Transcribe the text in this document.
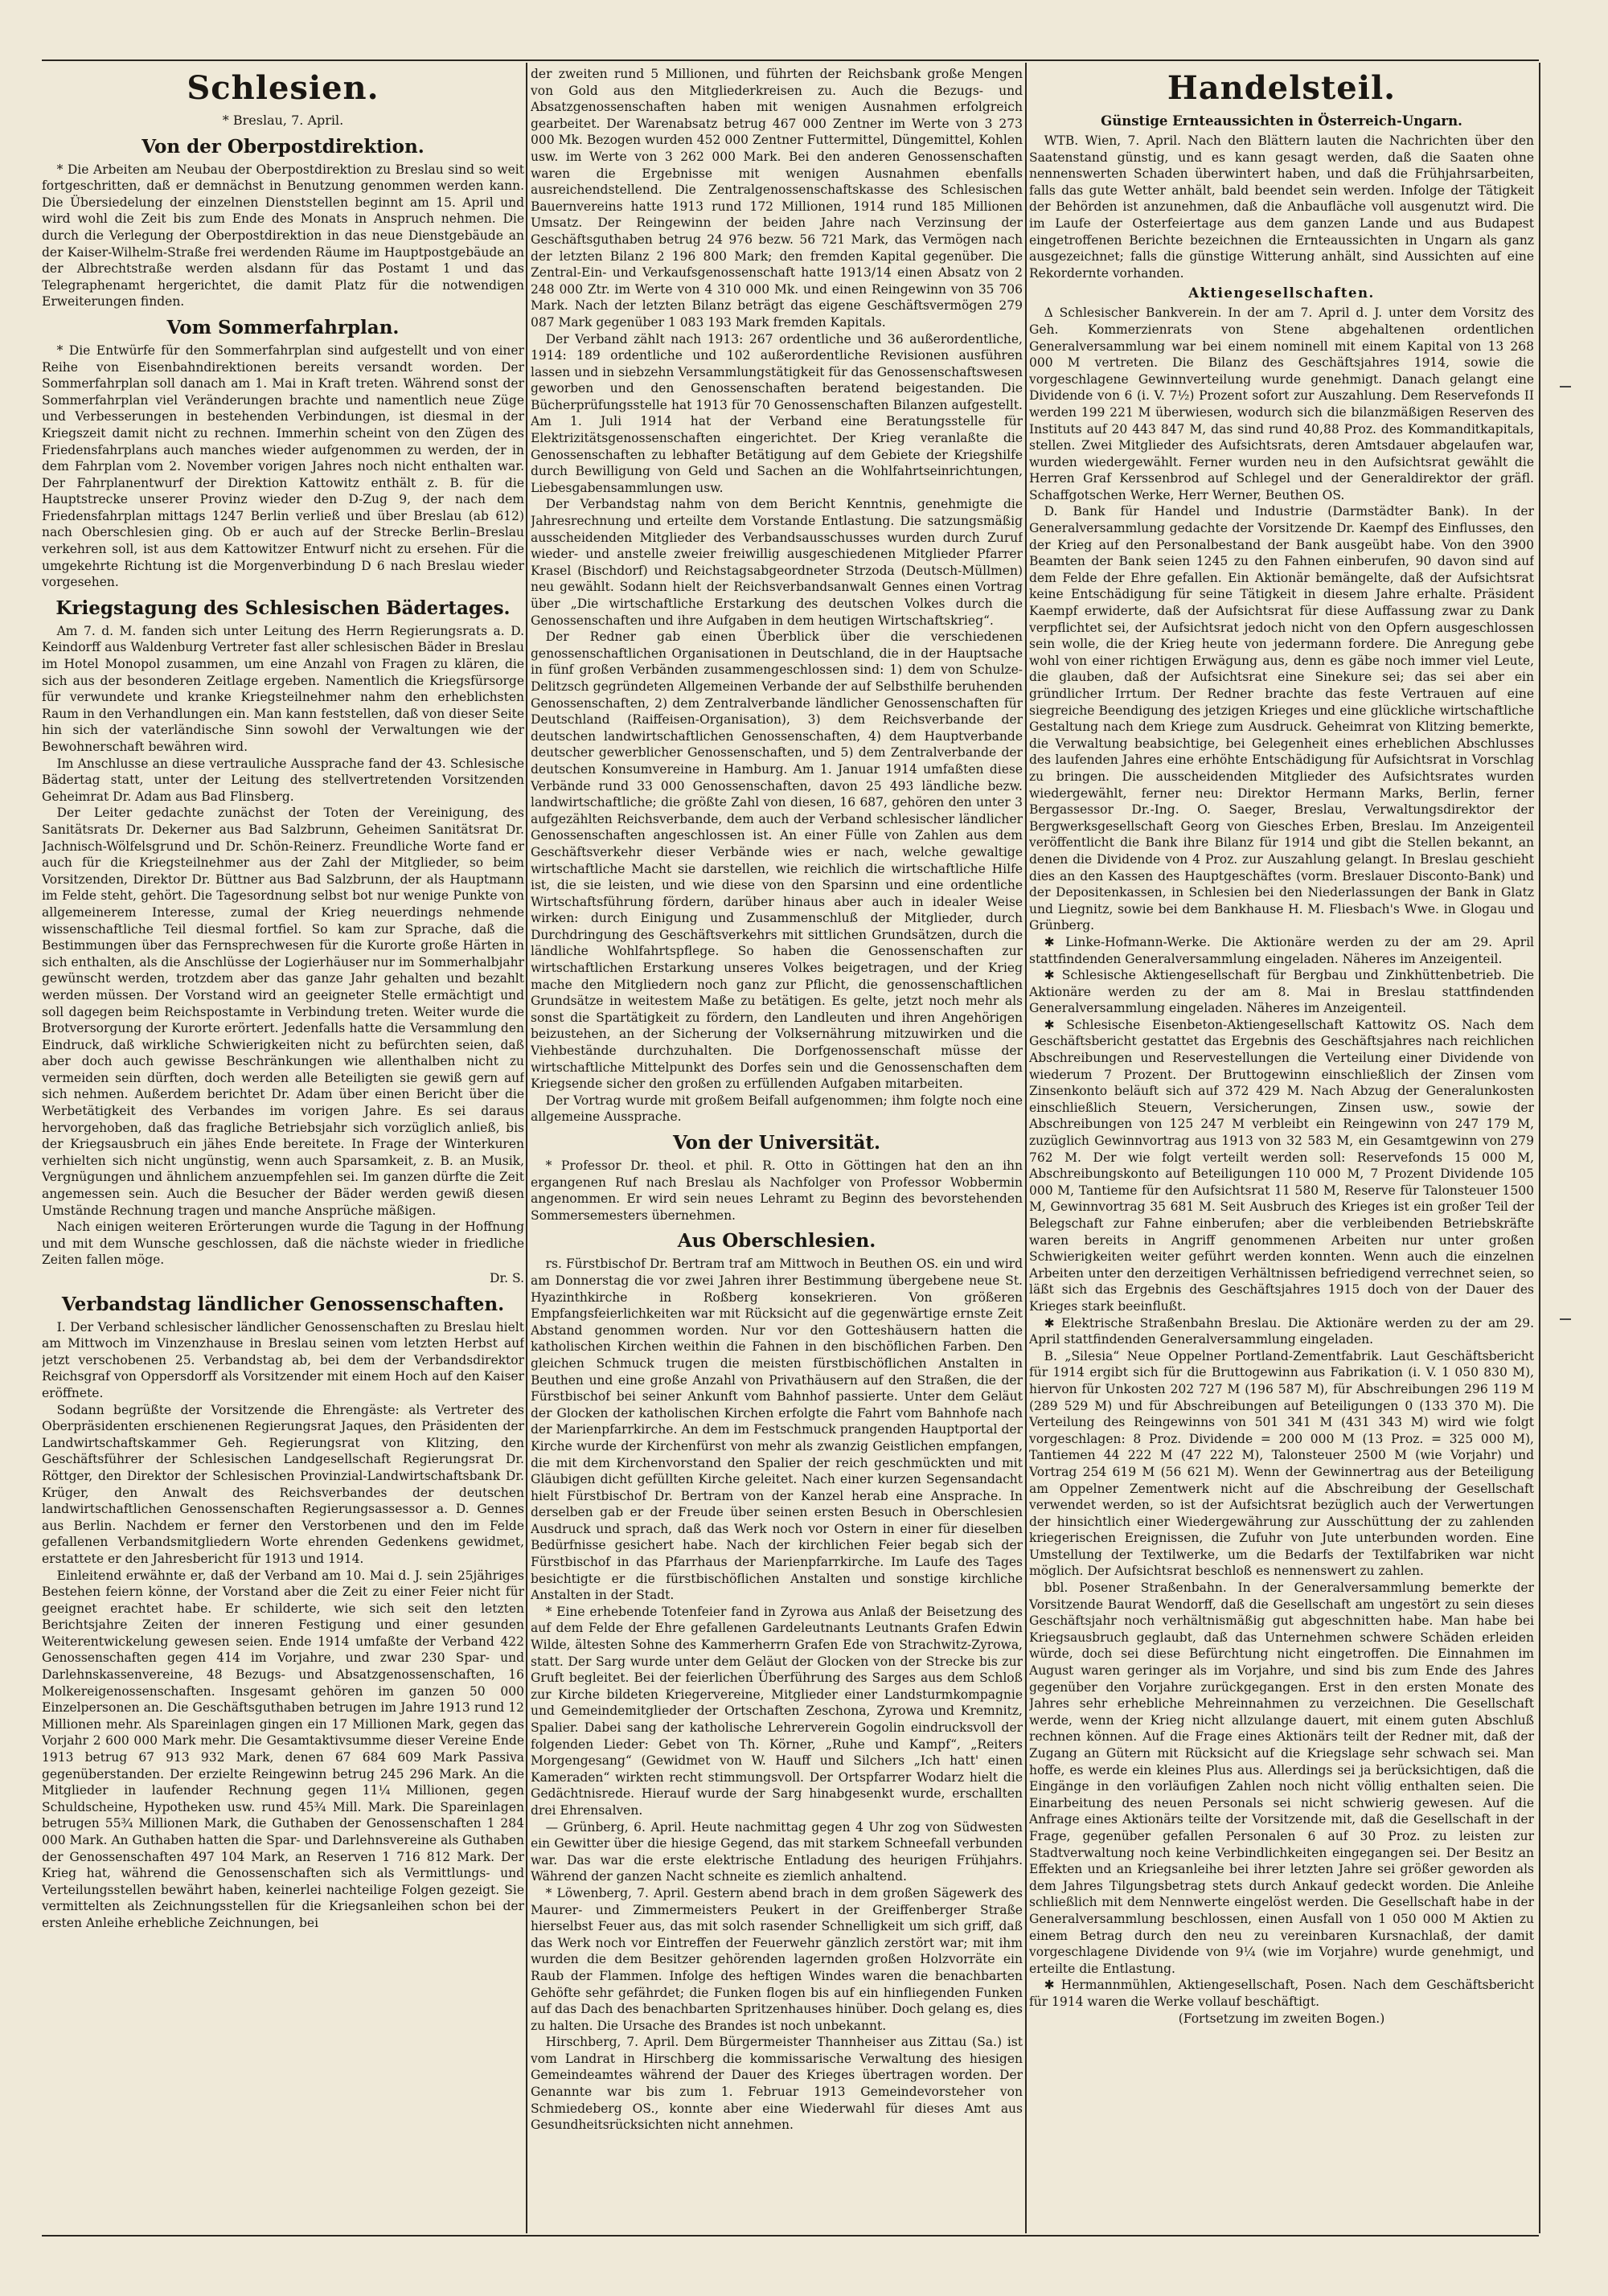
Schlesien.
* Breslau, 7. April.
Von der Oberpostdirektion.

* Die Arbeiten am Neubau der Oberpostdirektion zu Breslau sind so weit fortgeschritten, daß er demnächst in Benutzung genommen werden kann. Die Übersiedelung der einzelnen Dienststellen beginnt am 15. April und wird wohl die Zeit bis zum Ende des Monats in Anspruch nehmen. Die durch die Verlegung der Oberpostdirektion in das neue Dienstgebäude an der Kaiser-Wilhelm-Straße frei werdenden Räume im Hauptpostgebäude an der Albrechtstraße werden alsdann für das Postamt 1 und das Telegraphenamt hergerichtet, die damit Platz für die notwendigen Erweiterungen finden.

Vom Sommerfahrplan.

* Die Entwürfe für den Sommerfahrplan sind aufgestellt und von einer Reihe von Eisenbahndirektionen bereits versandt worden. Der Sommerfahrplan soll danach am 1. Mai in Kraft treten. Während sonst der Sommerfahrplan viel Veränderungen brachte und namentlich neue Züge und Verbesserungen in bestehenden Verbindungen, ist diesmal in der Kriegszeit damit nicht zu rechnen. Immerhin scheint von den Zügen des Friedensfahrplans auch manches wieder aufgenommen zu werden, der in dem Fahrplan vom 2. November vorigen Jahres noch nicht enthalten war. Der Fahrplanentwurf der Direktion Kattowitz enthält z. B. für die Hauptstrecke unserer Provinz wieder den D-Zug 9, der nach dem Friedensfahrplan mittags 1247 Berlin verließ und über Breslau (ab 612) nach Oberschlesien ging. Ob er auch auf der Strecke Berlin–Breslau verkehren soll, ist aus dem Kattowitzer Entwurf nicht zu ersehen. Für die umgekehrte Richtung ist die Morgenverbindung D 6 nach Breslau wieder vorgesehen.

Kriegstagung des Schlesischen Bädertages.

Am 7. d. M. fanden sich unter Leitung des Herrn Regierungsrats a. D. Keindorff aus Waldenburg Vertreter fast aller schlesischen Bäder in Breslau im Hotel Monopol zusammen, um eine Anzahl von Fragen zu klären, die sich aus der besonderen Zeitlage ergeben. Namentlich die Kriegsfürsorge für verwundete und kranke Kriegsteilnehmer nahm den erheblichsten Raum in den Verhandlungen ein. Man kann feststellen, daß von dieser Seite hin sich der vaterländische Sinn sowohl der Verwaltungen wie der Bewohnerschaft bewähren wird.

Im Anschlusse an diese vertrauliche Aussprache fand der 43. Schlesische Bädertag statt, unter der Leitung des stellvertretenden Vorsitzenden Geheimrat Dr. Adam aus Bad Flinsberg.

Der Leiter gedachte zunächst der Toten der Vereinigung, des Sanitätsrats Dr. Dekerner aus Bad Salzbrunn, Geheimen Sanitätsrat Dr. Jachnisch-Wölfelsgrund und Dr. Schön-Reinerz. Freundliche Worte fand er auch für die Kriegsteilnehmer aus der Zahl der Mitglieder, so beim Vorsitzenden, Direktor Dr. Büttner aus Bad Salzbrunn, der als Hauptmann im Felde steht, gehört. Die Tagesordnung selbst bot nur wenige Punkte von allgemeinerem Interesse, zumal der Krieg neuerdings nehmende wissenschaftliche Teil diesmal fortfiel. So kam zur Sprache, daß die Bestimmungen über das Fernsprechwesen für die Kurorte große Härten in sich enthalten, als die Anschlüsse der Logierhäuser nur im Sommerhalbjahr gewünscht werden, trotzdem aber das ganze Jahr gehalten und bezahlt werden müssen. Der Vorstand wird an geeigneter Stelle ermächtigt und soll dagegen beim Reichspostamte in Verbindung treten. Weiter wurde die Brotversorgung der Kurorte erörtert. Jedenfalls hatte die Versammlung den Eindruck, daß wirkliche Schwierigkeiten nicht zu befürchten seien, daß aber doch auch gewisse Beschränkungen wie allenthalben nicht zu vermeiden sein dürften, doch werden alle Beteiligten sie gewiß gern auf sich nehmen. Außerdem berichtet Dr. Adam über einen Bericht über die Werbetätigkeit des Verbandes im vorigen Jahre. Es sei daraus hervorgehoben, daß das fragliche Betriebsjahr sich vorzüglich anließ, bis der Kriegsausbruch ein jähes Ende bereitete. In Frage der Winterkuren verhielten sich nicht ungünstig, wenn auch Sparsamkeit, z. B. an Musik, Vergnügungen und ähnlichem anzuempfehlen sei. Im ganzen dürfte die Zeit angemessen sein. Auch die Besucher der Bäder werden gewiß diesen Umstände Rechnung tragen und manche Ansprüche mäßigen.

Nach einigen weiteren Erörterungen wurde die Tagung in der Hoffnung und mit dem Wunsche geschlossen, daß die nächste wieder in friedliche Zeiten fallen möge.

Dr. S.
Verbandstag ländlicher Genossenschaften.

I. Der Verband schlesischer ländlicher Genossenschaften zu Breslau hielt am Mittwoch im Vinzenzhause in Breslau seinen vom letzten Herbst auf jetzt verschobenen 25. Verbandstag ab, bei dem der Verbandsdirektor Reichsgraf von Oppersdorff als Vorsitzender mit einem Hoch auf den Kaiser eröffnete.

Sodann begrüßte der Vorsitzende die Ehrengäste: als Vertreter des Oberpräsidenten erschienenen Regierungsrat Jaques, den Präsidenten der Landwirtschaftskammer Geh. Regierungsrat von Klitzing, den Geschäftsführer der Schlesischen Landgesellschaft Regierungsrat Dr. Röttger, den Direktor der Schlesischen Provinzial-Landwirtschaftsbank Dr. Krüger, den Anwalt des Reichsverbandes der deutschen landwirtschaftlichen Genossenschaften Regierungsassessor a. D. Gennes aus Berlin. Nachdem er ferner den Verstorbenen und den im Felde gefallenen Verbandsmitgliedern Worte ehrenden Gedenkens gewidmet, erstattete er den Jahresbericht für 1913 und 1914.

Einleitend erwähnte er, daß der Verband am 10. Mai d. J. sein 25jähriges Bestehen feiern könne, der Vorstand aber die Zeit zu einer Feier nicht für geeignet erachtet habe. Er schilderte, wie sich seit den letzten Berichtsjahre Zeiten der inneren Festigung und einer gesunden Weiterentwickelung gewesen seien. Ende 1914 umfaßte der Verband 422 Genossenschaften gegen 414 im Vorjahre, und zwar 230 Spar- und Darlehnskassenvereine, 48 Bezugs- und Absatzgenossenschaften, 16 Molkereigenossenschaften. Insgesamt gehören im ganzen 50 000 Einzelpersonen an. Die Geschäftsguthaben betrugen im Jahre 1913 rund 12 Millionen mehr. Als Spareinlagen gingen ein 17 Millionen Mark, gegen das Vorjahr 2 600 000 Mark mehr. Die Gesamtaktivsumme dieser Vereine Ende 1913 betrug 67 913 932 Mark, denen 67 684 609 Mark Passiva gegenüberstanden. Der erzielte Reingewinn betrug 245 296 Mark. An die Mitglieder in laufender Rechnung gegen 11¼ Millionen, gegen Schuldscheine, Hypotheken usw. rund 45¾ Mill. Mark. Die Spareinlagen betrugen 55¾ Millionen Mark, die Guthaben der Genossenschaften 1 284 000 Mark. An Guthaben hatten die Spar- und Darlehnsvereine als Guthaben der Genossenschaften 497 104 Mark, an Reserven 1 716 812 Mark. Der Krieg hat, während die Genossenschaften sich als Vermittlungs- und Verteilungsstellen bewährt haben, keinerlei nachteilige Folgen gezeigt. Sie vermittelten als Zeichnungsstellen für die Kriegsanleihen schon bei der ersten Anleihe erhebliche Zeichnungen, bei

der zweiten rund 5 Millionen, und führten der Reichsbank große Mengen von Gold aus den Mitgliederkreisen zu. Auch die Bezugs- und Absatzgenossenschaften haben mit wenigen Ausnahmen erfolgreich gearbeitet. Der Warenabsatz betrug 467 000 Zentner im Werte von 3 273 000 Mk. Bezogen wurden 452 000 Zentner Futtermittel, Düngemittel, Kohlen usw. im Werte von 3 262 000 Mark. Bei den anderen Genossenschaften waren die Ergebnisse mit wenigen Ausnahmen ebenfalls ausreichendstellend. Die Zentralgenossenschaftskasse des Schlesischen Bauernvereins hatte 1913 rund 172 Millionen, 1914 rund 185 Millionen Umsatz. Der Reingewinn der beiden Jahre nach Verzinsung der Geschäftsguthaben betrug 24 976 bezw. 56 721 Mark, das Vermögen nach der letzten Bilanz 2 196 800 Mark; den fremden Kapital gegenüber. Die Zentral-Ein- und Verkaufsgenossenschaft hatte 1913/14 einen Absatz von 2 248 000 Ztr. im Werte von 4 310 000 Mk. und einen Reingewinn von 35 706 Mark. Nach der letzten Bilanz beträgt das eigene Geschäftsvermögen 279 087 Mark gegenüber 1 083 193 Mark fremden Kapitals.

Der Verband zählt nach 1913: 267 ordentliche und 36 außerordentliche, 1914: 189 ordentliche und 102 außerordentliche Revisionen ausführen lassen und in siebzehn Versammlungstätigkeit für das Genossenschaftswesen geworben und den Genossenschaften beratend beigestanden. Die Bücherprüfungsstelle hat 1913 für 70 Genossenschaften Bilanzen aufgestellt. Am 1. Juli 1914 hat der Verband eine Beratungsstelle für Elektrizitätsgenossenschaften eingerichtet. Der Krieg veranlaßte die Genossenschaften zu lebhafter Betätigung auf dem Gebiete der Kriegshilfe durch Bewilligung von Geld und Sachen an die Wohlfahrtseinrichtungen, Liebesgabensammlungen usw.

Der Verbandstag nahm von dem Bericht Kenntnis, genehmigte die Jahresrechnung und erteilte dem Vorstande Entlastung. Die satzungsmäßig ausscheidenden Mitglieder des Verbandsausschusses wurden durch Zuruf wieder- und anstelle zweier freiwillig ausgeschiedenen Mitglieder Pfarrer Krasel (Bischdorf) und Reichstagsabgeordneter Strzoda (Deutsch-Müllmen) neu gewählt. Sodann hielt der Reichsverbandsanwalt Gennes einen Vortrag über „Die wirtschaftliche Erstarkung des deutschen Volkes durch die Genossenschaften und ihre Aufgaben in dem heutigen Wirtschaftskrieg“.

Der Redner gab einen Überblick über die verschiedenen genossenschaftlichen Organisationen in Deutschland, die in der Hauptsache in fünf großen Verbänden zusammengeschlossen sind: 1) dem von Schulze-Delitzsch gegründeten Allgemeinen Verbande der auf Selbsthilfe beruhenden Genossenschaften, 2) dem Zentralverbande ländlicher Genossenschaften für Deutschland (Raiffeisen-Organisation), 3) dem Reichsverbande der deutschen landwirtschaftlichen Genossenschaften, 4) dem Hauptverbande deutscher gewerblicher Genossenschaften, und 5) dem Zentralverbande der deutschen Konsumvereine in Hamburg. Am 1. Januar 1914 umfaßten diese Verbände rund 33 000 Genossenschaften, davon 25 493 ländliche bezw. landwirtschaftliche; die größte Zahl von diesen, 16 687, gehören den unter 3 aufgezählten Reichsverbande, dem auch der Verband schlesischer ländlicher Genossenschaften angeschlossen ist. An einer Fülle von Zahlen aus dem Geschäftsverkehr dieser Verbände wies er nach, welche gewaltige wirtschaftliche Macht sie darstellen, wie reichlich die wirtschaftliche Hilfe ist, die sie leisten, und wie diese von den Sparsinn und eine ordentliche Wirtschaftsführung fördern, darüber hinaus aber auch in idealer Weise wirken: durch Einigung und Zusammenschluß der Mitglieder, durch Durchdringung des Geschäftsverkehrs mit sittlichen Grundsätzen, durch die ländliche Wohlfahrtspflege. So haben die Genossenschaften zur wirtschaftlichen Erstarkung unseres Volkes beigetragen, und der Krieg mache den Mitgliedern noch ganz zur Pflicht, die genossenschaftlichen Grundsätze in weitestem Maße zu betätigen. Es gelte, jetzt noch mehr als sonst die Spartätigkeit zu fördern, den Landleuten und ihren Angehörigen beizustehen, an der Sicherung der Volksernährung mitzuwirken und die Viehbestände durchzuhalten. Die Dorfgenossenschaft müsse der wirtschaftliche Mittelpunkt des Dorfes sein und die Genossenschaften dem Kriegsende sicher den großen zu erfüllenden Aufgaben mitarbeiten.

Der Vortrag wurde mit großem Beifall aufgenommen; ihm folgte noch eine allgemeine Aussprache.

Von der Universität.

* Professor Dr. theol. et phil. R. Otto in Göttingen hat den an ihn ergangenen Ruf nach Breslau als Nachfolger von Professor Wobbermin angenommen. Er wird sein neues Lehramt zu Beginn des bevorstehenden Sommersemesters übernehmen.

Aus Oberschlesien.

rs. Fürstbischof Dr. Bertram traf am Mittwoch in Beuthen OS. ein und wird am Donnerstag die vor zwei Jahren ihrer Bestimmung übergebene neue St. Hyazinthkirche in Roßberg konsekrieren. Von größeren Empfangsfeierlichkeiten war mit Rücksicht auf die gegenwärtige ernste Zeit Abstand genommen worden. Nur vor den Gotteshäusern hatten die katholischen Kirchen weithin die Fahnen in den bischöflichen Farben. Den gleichen Schmuck trugen die meisten fürstbischöflichen Anstalten in Beuthen und eine große Anzahl von Privathäusern auf den Straßen, die der Fürstbischof bei seiner Ankunft vom Bahnhof passierte. Unter dem Geläut der Glocken der katholischen Kirchen erfolgte die Fahrt vom Bahnhofe nach der Marienpfarrkirche. An dem im Festschmuck prangenden Hauptportal der Kirche wurde der Kirchenfürst von mehr als zwanzig Geistlichen empfangen, die mit dem Kirchenvorstand den Spalier der reich geschmückten und mit Gläubigen dicht gefüllten Kirche geleitet. Nach einer kurzen Segensandacht hielt Fürstbischof Dr. Bertram von der Kanzel herab eine Ansprache. In derselben gab er der Freude über seinen ersten Besuch in Oberschlesien Ausdruck und sprach, daß das Werk noch vor Ostern in einer für dieselben Bedürfnisse gesichert habe. Nach der kirchlichen Feier begab sich der Fürstbischof in das Pfarrhaus der Marienpfarrkirche. Im Laufe des Tages besichtigte er die fürstbischöflichen Anstalten und sonstige kirchliche Anstalten in der Stadt.

* Eine erhebende Totenfeier fand in Zyrowa aus Anlaß der Beisetzung des auf dem Felde der Ehre gefallenen Gardeleutnants Leutnants Grafen Edwin Wilde, ältesten Sohne des Kammerherrn Grafen Ede von Strachwitz-Zyrowa, statt. Der Sarg wurde unter dem Geläut der Glocken von der Strecke bis zur Gruft begleitet. Bei der feierlichen Überführung des Sarges aus dem Schloß zur Kirche bildeten Kriegervereine, Mitglieder einer Landsturmkompagnie und Gemeindemitglieder der Ortschaften Zeschona, Zyrowa und Kremnitz, Spalier. Dabei sang der katholische Lehrerverein Gogolin eindrucksvoll der folgenden Lieder: Gebet von Th. Körner, „Ruhe und Kampf“, „Reiters Morgengesang“ (Gewidmet von W. Hauff und Silchers „Ich hatt' einen Kameraden“ wirkten recht stimmungsvoll. Der Ortspfarrer Wodarz hielt die Gedächtnisrede. Hierauf wurde der Sarg hinabgesenkt wurde, erschallten drei Ehrensalven.

— Grünberg, 6. April. Heute nachmittag gegen 4 Uhr zog von Südwesten ein Gewitter über die hiesige Gegend, das mit starkem Schneefall verbunden war. Das war die erste elektrische Entladung des heurigen Frühjahrs. Während der ganzen Nacht schneite es ziemlich anhaltend.

* Löwenberg, 7. April. Gestern abend brach in dem großen Sägewerk des Maurer- und Zimmermeisters Peukert in der Greiffenberger Straße hierselbst Feuer aus, das mit solch rasender Schnelligkeit um sich griff, daß das Werk noch vor Eintreffen der Feuerwehr gänzlich zerstört war; mit ihm wurden die dem Besitzer gehörenden lagernden großen Holzvorräte ein Raub der Flammen. Infolge des heftigen Windes waren die benachbarten Gehöfte sehr gefährdet; die Funken flogen bis auf ein hinfliegenden Funken auf das Dach des benachbarten Spritzenhauses hinüber. Doch gelang es, dies zu halten. Die Ursache des Brandes ist noch unbekannt.

Hirschberg, 7. April. Dem Bürgermeister Thannheiser aus Zittau (Sa.) ist vom Landrat in Hirschberg die kommissarische Verwaltung des hiesigen Gemeindeamtes während der Dauer des Krieges übertragen worden. Der Genannte war bis zum 1. Februar 1913 Gemeindevorsteher von Schmiedeberg OS., konnte aber eine Wiederwahl für dieses Amt aus Gesundheitsrücksichten nicht annehmen.

Handelsteil.
Günstige Ernteaussichten in Österreich-Ungarn.

WTB. Wien, 7. April. Nach den Blättern lauten die Nachrichten über den Saatenstand günstig, und es kann gesagt werden, daß die Saaten ohne nennenswerten Schaden überwintert haben, und daß die Frühjahrsarbeiten, falls das gute Wetter anhält, bald beendet sein werden. Infolge der Tätigkeit der Behörden ist anzunehmen, daß die Anbaufläche voll ausgenutzt wird. Die im Laufe der Osterfeiertage aus dem ganzen Lande und aus Budapest eingetroffenen Berichte bezeichnen die Ernteaussichten in Ungarn als ganz ausgezeichnet; falls die günstige Witterung anhält, sind Aussichten auf eine Rekordernte vorhanden.

Aktiengesellschaften.

Δ Schlesischer Bankverein. In der am 7. April d. J. unter dem Vorsitz des Geh. Kommerzienrats von Stene abgehaltenen ordentlichen Generalversammlung war bei einem nominell mit einem Kapital von 13 268 000 M vertreten. Die Bilanz des Geschäftsjahres 1914, sowie die vorgeschlagene Gewinnverteilung wurde genehmigt. Danach gelangt eine Dividende von 6 (i. V. 7½) Prozent sofort zur Auszahlung. Dem Reservefonds II werden 199 221 M überwiesen, wodurch sich die bilanzmäßigen Reserven des Instituts auf 20 443 847 M, das sind rund 40,88 Proz. des Kommanditkapitals, stellen. Zwei Mitglieder des Aufsichtsrats, deren Amtsdauer abgelaufen war, wurden wiedergewählt. Ferner wurden neu in den Aufsichtsrat gewählt die Herren Graf Kerssenbrod auf Schlegel und der Generaldirektor der gräfl. Schaffgotschen Werke, Herr Werner, Beuthen OS.

D. Bank für Handel und Industrie (Darmstädter Bank). In der Generalversammlung gedachte der Vorsitzende Dr. Kaempf des Einflusses, den der Krieg auf den Personalbestand der Bank ausgeübt habe. Von den 3900 Beamten der Bank seien 1245 zu den Fahnen einberufen, 90 davon sind auf dem Felde der Ehre gefallen. Ein Aktionär bemängelte, daß der Aufsichtsrat keine Entschädigung für seine Tätigkeit in diesem Jahre erhalte. Präsident Kaempf erwiderte, daß der Aufsichtsrat für diese Auffassung zwar zu Dank verpflichtet sei, der Aufsichtsrat jedoch nicht von den Opfern ausgeschlossen sein wolle, die der Krieg heute von jedermann fordere. Die Anregung gebe wohl von einer richtigen Erwägung aus, denn es gäbe noch immer viel Leute, die glauben, daß der Aufsichtsrat eine Sinekure sei; das sei aber ein gründlicher Irrtum. Der Redner brachte das feste Vertrauen auf eine siegreiche Beendigung des jetzigen Krieges und eine glückliche wirtschaftliche Gestaltung nach dem Kriege zum Ausdruck. Geheimrat von Klitzing bemerkte, die Verwaltung beabsichtige, bei Gelegenheit eines erheblichen Abschlusses des laufenden Jahres eine erhöhte Entschädigung für Aufsichtsrat in Vorschlag zu bringen. Die ausscheidenden Mitglieder des Aufsichtsrates wurden wiedergewählt, ferner neu: Direktor Hermann Marks, Berlin, ferner Bergassessor Dr.-Ing. O. Saeger, Breslau, Verwaltungsdirektor der Bergwerksgesellschaft Georg von Giesches Erben, Breslau. Im Anzeigenteil veröffentlicht die Bank ihre Bilanz für 1914 und gibt die Stellen bekannt, an denen die Dividende von 4 Proz. zur Auszahlung gelangt. In Breslau geschieht dies an den Kassen des Hauptgeschäftes (vorm. Breslauer Disconto-Bank) und der Depositenkassen, in Schlesien bei den Niederlassungen der Bank in Glatz und Liegnitz, sowie bei dem Bankhause H. M. Fliesbach's Wwe. in Glogau und Grünberg.

✱ Linke-Hofmann-Werke. Die Aktionäre werden zu der am 29. April stattfindenden Generalversammlung eingeladen. Näheres im Anzeigenteil.

✱ Schlesische Aktiengesellschaft für Bergbau und Zinkhüttenbetrieb. Die Aktionäre werden zu der am 8. Mai in Breslau stattfindenden Generalversammlung eingeladen. Näheres im Anzeigenteil.

✱ Schlesische Eisenbeton-Aktiengesellschaft Kattowitz OS. Nach dem Geschäftsbericht gestattet das Ergebnis des Geschäftsjahres nach reichlichen Abschreibungen und Reservestellungen die Verteilung einer Dividende von wiederum 7 Prozent. Der Bruttogewinn einschließlich der Zinsen vom Zinsenkonto beläuft sich auf 372 429 M. Nach Abzug der Generalunkosten einschließlich Steuern, Versicherungen, Zinsen usw., sowie der Abschreibungen von 125 247 M verbleibt ein Reingewinn von 247 179 M, zuzüglich Gewinnvortrag aus 1913 von 32 583 M, ein Gesamtgewinn von 279 762 M. Der wie folgt verteilt werden soll: Reservefonds 15 000 M, Abschreibungskonto auf Beteiligungen 110 000 M, 7 Prozent Dividende 105 000 M, Tantieme für den Aufsichtsrat 11 580 M, Reserve für Talonsteuer 1500 M, Gewinnvortrag 35 681 M. Seit Ausbruch des Krieges ist ein großer Teil der Belegschaft zur Fahne einberufen; aber die verbleibenden Betriebskräfte waren bereits in Angriff genommenen Arbeiten nur unter großen Schwierigkeiten weiter geführt werden konnten. Wenn auch die einzelnen Arbeiten unter den derzeitigen Verhältnissen befriedigend verrechnet seien, so läßt sich das Ergebnis des Geschäftsjahres 1915 doch von der Dauer des Krieges stark beeinflußt.

✱ Elektrische Straßenbahn Breslau. Die Aktionäre werden zu der am 29. April stattfindenden Generalversammlung eingeladen.

B. „Silesia“ Neue Oppelner Portland-Zementfabrik. Laut Geschäftsbericht für 1914 ergibt sich für die Bruttogewinn aus Fabrikation (i. V. 1 050 830 M), hiervon für Unkosten 202 727 M (196 587 M), für Abschreibungen 296 119 M (289 529 M) und für Abschreibungen auf Beteiligungen 0 (133 370 M). Die Verteilung des Reingewinns von 501 341 M (431 343 M) wird wie folgt vorgeschlagen: 8 Proz. Dividende = 200 000 M (13 Proz. = 325 000 M), Tantiemen 44 222 M (47 222 M), Talonsteuer 2500 M (wie Vorjahr) und Vortrag 254 619 M (56 621 M). Wenn der Gewinnertrag aus der Beteiligung am Oppelner Zementwerk nicht auf die Abschreibung der Gesellschaft verwendet werden, so ist der Aufsichtsrat bezüglich auch der Verwertungen der hinsichtlich einer Wiedergewährung zur Ausschüttung der zu zahlenden kriegerischen Ereignissen, die Zufuhr von Jute unterbunden worden. Eine Umstellung der Textilwerke, um die Bedarfs der Textilfabriken war nicht möglich. Der Aufsichtsrat beschloß es nennenswert zu zahlen.

bbl. Posener Straßenbahn. In der Generalversammlung bemerkte der Vorsitzende Baurat Wendorff, daß die Gesellschaft am ungestört zu sein dieses Geschäftsjahr noch verhältnismäßig gut abgeschnitten habe. Man habe bei Kriegsausbruch geglaubt, daß das Unternehmen schwere Schäden erleiden würde, doch sei diese Befürchtung nicht eingetroffen. Die Einnahmen im August waren geringer als im Vorjahre, und sind bis zum Ende des Jahres gegenüber den Vorjahre zurückgegangen. Erst in den ersten Monate des Jahres sehr erhebliche Mehreinnahmen zu verzeichnen. Die Gesellschaft werde, wenn der Krieg nicht allzulange dauert, mit einem guten Abschluß rechnen können. Auf die Frage eines Aktionärs teilt der Redner mit, daß der Zugang an Gütern mit Rücksicht auf die Kriegslage sehr schwach sei. Man hoffe, es werde ein kleines Plus aus. Allerdings sei ja berücksichtigen, daß die Eingänge in den vorläufigen Zahlen noch nicht völlig enthalten seien. Die Einarbeitung des neuen Personals sei nicht schwierig gewesen. Auf die Anfrage eines Aktionärs teilte der Vorsitzende mit, daß die Gesellschaft in der Frage, gegenüber gefallen Personalen 6 auf 30 Proz. zu leisten zur Stadtverwaltung noch keine Verbindlichkeiten eingegangen sei. Der Besitz an Effekten und an Kriegsanleihe bei ihrer letzten Jahre sei größer geworden als dem Jahres Tilgungsbetrag stets durch Ankauf gedeckt worden. Die Anleihe schließlich mit dem Nennwerte eingelöst werden. Die Gesellschaft habe in der Generalversammlung beschlossen, einen Ausfall von 1 050 000 M Aktien zu einem Betrag durch den neu zu vereinbaren Kursnachlaß, der damit vorgeschlagene Dividende von 9¼ (wie im Vorjahre) wurde genehmigt, und erteilte die Entlastung.

✱ Hermannmühlen, Aktiengesellschaft, Posen. Nach dem Geschäftsbericht für 1914 waren die Werke vollauf beschäftigt.

(Fortsetzung im zweiten Bogen.)
